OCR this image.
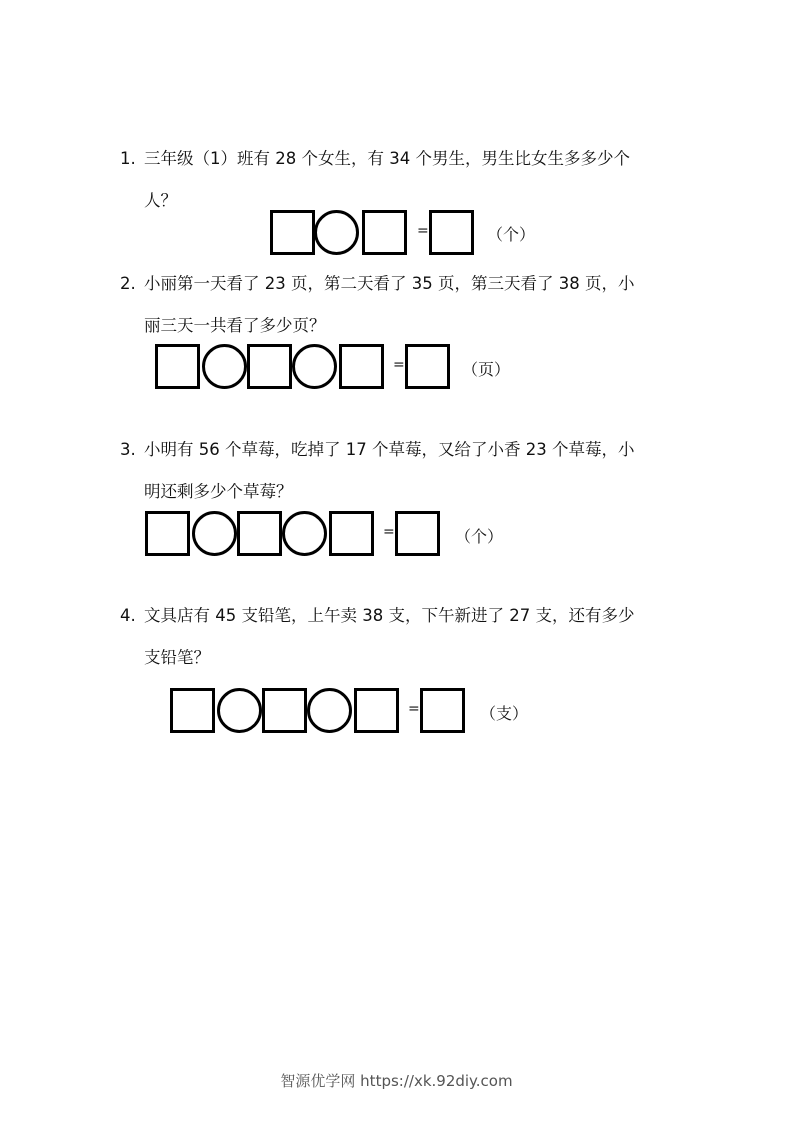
1. 三年级（1）班有 28 个女生，有 34 个男生，男生比女生多多少个
人？
=	（个）
2. 小丽第一天看了 23 页，第二天看了 35 页，第三天看了 38 页，小
丽三天一共看了多少页？
=	（页）
3. 小明有 56 个草莓，吃掉了 17 个草莓，又给了小香 23 个草莓，小
明还剩多少个草莓？
=	（个）
4. 文具店有 45 支铅笔，上午卖 38 支，下午新进了 27 支，还有多少
支铅笔？
=	（支）
智源优学网 https://xk.92diy.com
